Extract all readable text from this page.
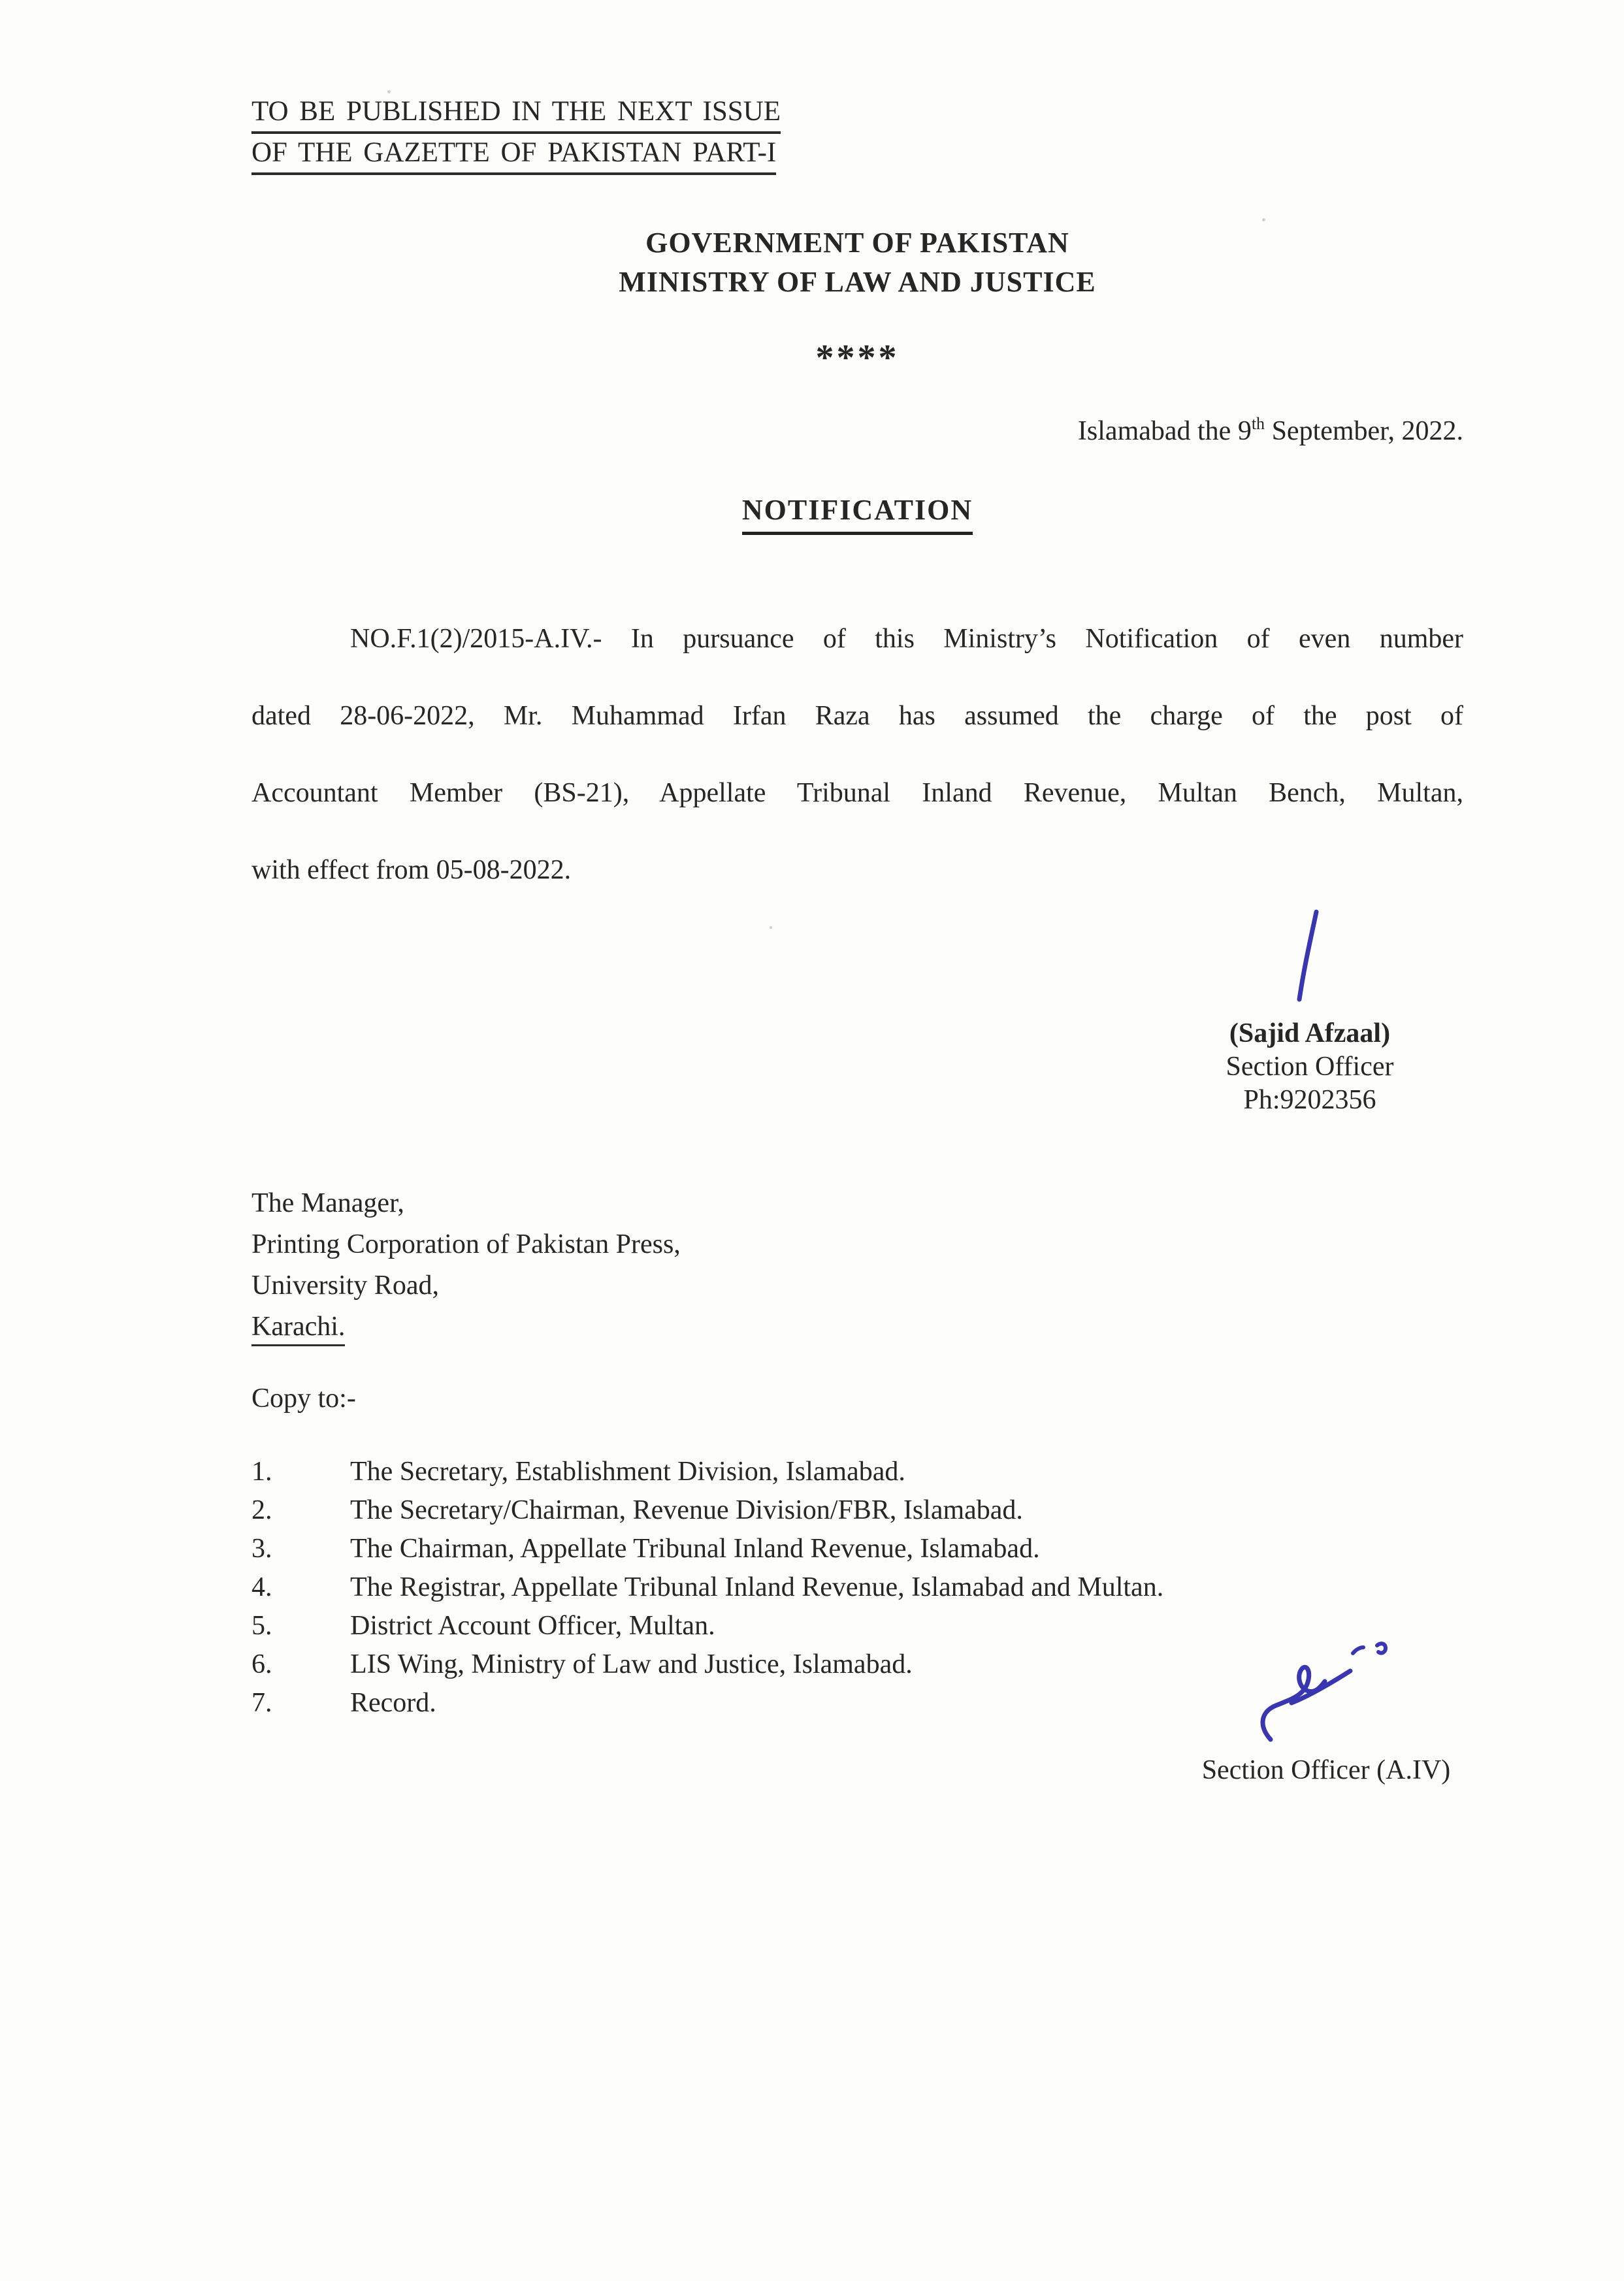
TO BE PUBLISHED IN THE NEXT ISSUE
OF THE GAZETTE OF PAKISTAN PART-I
GOVERNMENT OF PAKISTAN
MINISTRY OF LAW AND JUSTICE
****
Islamabad the 9th September, 2022.
NOTIFICATION
NO.F.1(2)/2015-A.IV.- In pursuance of this Ministry’s Notification of even number
dated 28-06-2022, Mr. Muhammad Irfan Raza has assumed the charge of the post of
Accountant Member (BS-21), Appellate Tribunal Inland Revenue, Multan Bench, Multan,
with effect from 05-08-2022.
(Sajid Afzaal)
Section Officer
Ph:9202356
The Manager,
Printing Corporation of Pakistan Press,
University Road,
Karachi.
Copy to:-
1.	The Secretary, Establishment Division, Islamabad.
2.	The Secretary/Chairman, Revenue Division/FBR, Islamabad.
3.	The Chairman, Appellate Tribunal Inland Revenue, Islamabad.
4.	The Registrar, Appellate Tribunal Inland Revenue, Islamabad and Multan.
5.	District Account Officer, Multan.
6.	LIS Wing, Ministry of Law and Justice, Islamabad.
7.	Record.
Section Officer (A.IV)
